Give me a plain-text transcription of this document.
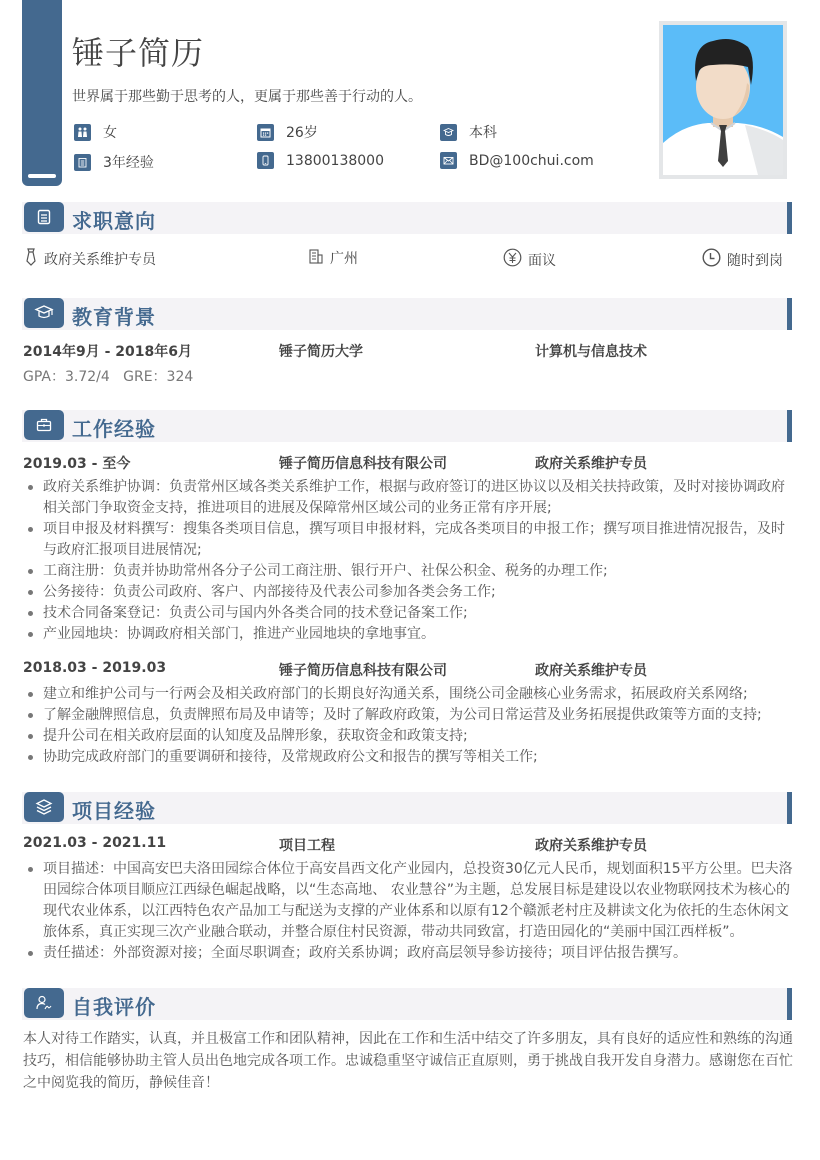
锤子简历
世界属于那些勤于思考的人，更属于那些善于行动的人。
女	26岁	本科
3年经验	13800138000	BD@100chui.com
求职意向
政府关系维护专员	广州	面议	随时到岗
教育背景
2014年9月 - 2018年6月	锤子简历大学	计算机与信息技术
GPA：3.72/4   GRE：324
工作经验
2019.03 - 至今	锤子简历信息科技有限公司	政府关系维护专员
政府关系维护协调：负责常州区域各类关系维护工作，根据与政府签订的进区协议以及相关扶持政策，及时对接协调政府相关部门争取资金支持，推进项目的进展及保障常州区域公司的业务正常有序开展;
项目申报及材料撰写：搜集各类项目信息，撰写项目申报材料，完成各类项目的申报工作；撰写项目推进情况报告，及时与政府汇报项目进展情况;
工商注册：负责并协助常州各分子公司工商注册、银行开户、社保公积金、税务的办理工作;
公务接待：负责公司政府、客户、内部接待及代表公司参加各类会务工作;
技术合同备案登记：负责公司与国内外各类合同的技术登记备案工作;
产业园地块：协调政府相关部门，推进产业园地块的拿地事宜。
2018.03 - 2019.03	锤子简历信息科技有限公司	政府关系维护专员
建立和维护公司与一行两会及相关政府部门的长期良好沟通关系，围绕公司金融核心业务需求，拓展政府关系网络;
了解金融牌照信息，负责牌照布局及申请等；及时了解政府政策，为公司日常运营及业务拓展提供政策等方面的支持;
提升公司在相关政府层面的认知度及品牌形象，获取资金和政策支持;
协助完成政府部门的重要调研和接待，及常规政府公文和报告的撰写等相关工作;
项目经验
2021.03 - 2021.11	项目工程	政府关系维护专员
项目描述：中国高安巴夫洛田园综合体位于高安昌西文化产业园内，总投资30亿元人民币，规划面积15平方公里。巴夫洛田园综合体项目顺应江西绿色崛起战略，以“生态高地、 农业慧谷”为主题，总发展目标是建设以农业物联网技术为核心的现代农业体系，以江西特色农产品加工与配送为支撑的产业体系和以原有12个赣派老村庄及耕读文化为依托的生态休闲文旅体系，真正实现三次产业融合联动，并整合原住村民资源，带动共同致富，打造田园化的“美丽中国江西样板”。
责任描述：外部资源对接；全面尽职调查；政府关系协调；政府高层领导参访接待；项目评估报告撰写。
自我评价
本人对待工作踏实，认真，并且极富工作和团队精神，因此在工作和生活中结交了许多朋友，具有良好的适应性和熟练的沟通技巧，相信能够协助主管人员出色地完成各项工作。忠诚稳重坚守诚信正直原则，勇于挑战自我开发自身潜力。感谢您在百忙之中阅览我的简历，静候佳音！
